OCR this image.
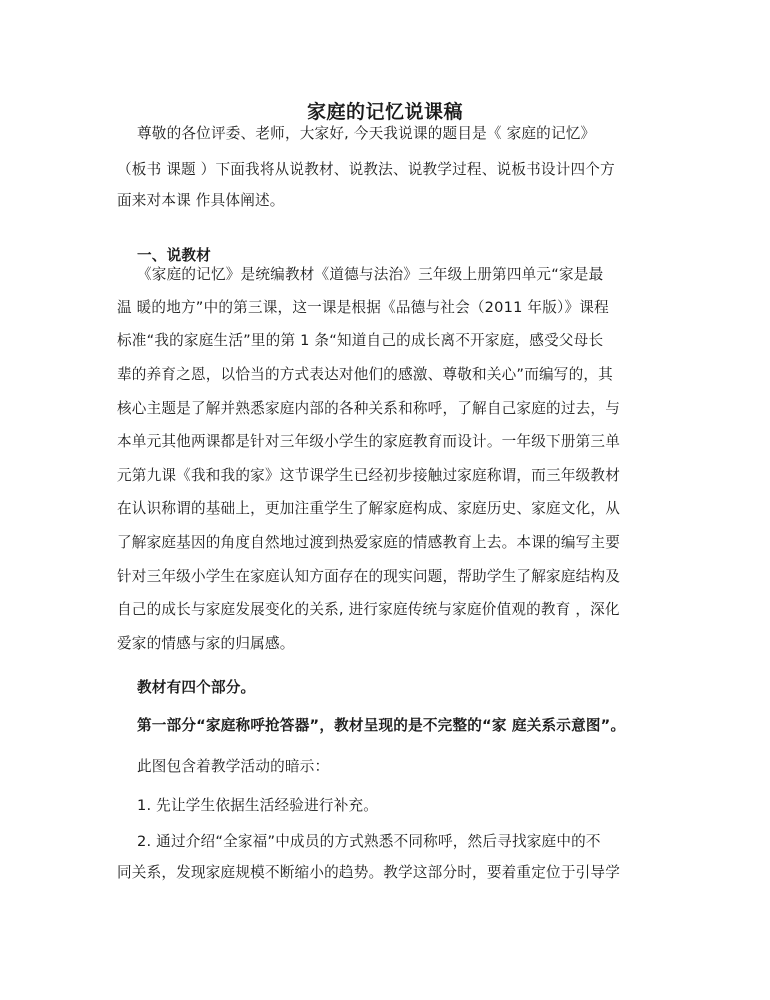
家庭的记忆说课稿
尊敬的各位评委、老师，大家好, 今天我说课的题目是《 家庭的记忆》
（板书 课题 ）下面我将从说教材、说教法、说教学过程、说板书设计四个方
面来对本课 作具体阐述。
一、说教材
《家庭的记忆》是统编教材《道德与法治》三年级上册第四单元“家是最
温 暖的地方”中的第三课，这一课是根据《品德与社会（2011 年版）》课程
标准“我的家庭生活”里的第 1 条“知道自己的成长离不开家庭，感受父母长
辈的养育之恩，以恰当的方式表达对他们的感激、尊敬和关心”而编写的，其
核心主题是了解并熟悉家庭内部的各种关系和称呼，了解自己家庭的过去，与
本单元其他两课都是针对三年级小学生的家庭教育而设计。一年级下册第三单
元第九课《我和我的家》这节课学生已经初步接触过家庭称谓，而三年级教材
在认识称谓的基础上，更加注重学生了解家庭构成、家庭历史、家庭文化，从
了解家庭基因的角度自然地过渡到热爱家庭的情感教育上去。本课的编写主要
针对三年级小学生在家庭认知方面存在的现实问题，帮助学生了解家庭结构及
自己的成长与家庭发展变化的关系, 进行家庭传统与家庭价值观的教育 ，深化
爱家的情感与家的归属感。
教材有四个部分。
第一部分“家庭称呼抢答器”，教材呈现的是不完整的“家 庭关系示意图”。
此图包含着教学活动的暗示：
1. 先让学生依据生活经验进行补充。
2. 通过介绍“全家福”中成员的方式熟悉不同称呼，然后寻找家庭中的不
同关系，发现家庭规模不断缩小的趋势。教学这部分时，要着重定位于引导学
